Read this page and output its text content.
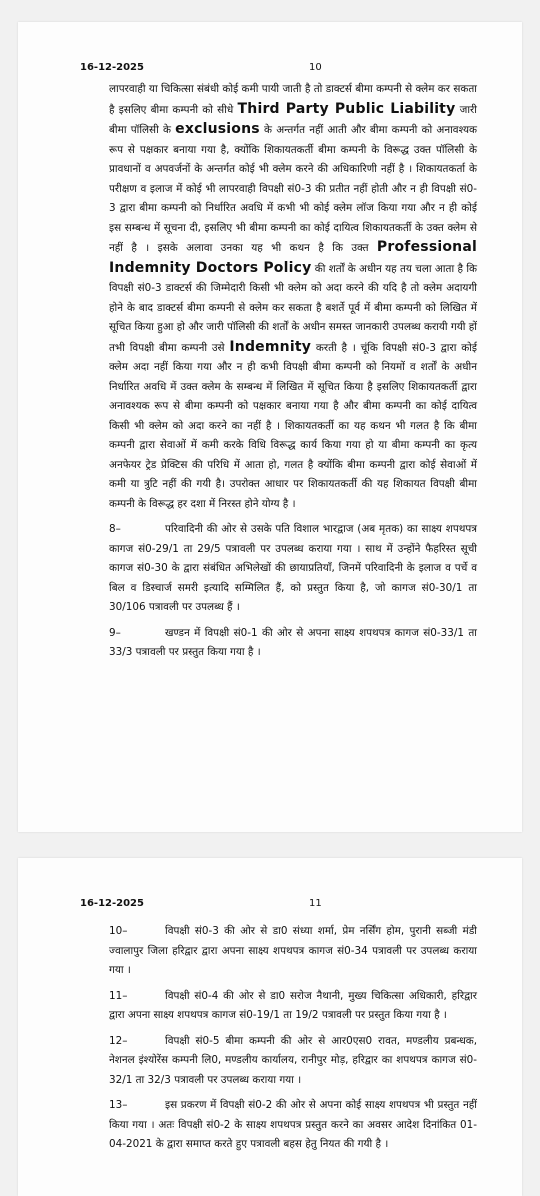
16-12-2025	10

लापरवाही या चिकित्सा संबंधी कोई कमी पायी जाती है तो डाक्टर्स बीमा कम्पनी से क्लेम कर सकता है इसलिए बीमा कम्पनी को सीधे Third Party Public Liability जारी बीमा पॉलिसी के exclusions के अन्तर्गत नहीं आती और बीमा कम्पनी को अनावश्यक रूप से पक्षकार बनाया गया है, क्योंकि शिकायतकर्ती बीमा कम्पनी के विरूद्ध उक्त पॉलिसी के प्रावधानों व अपवर्जनों के अन्तर्गत कोई भी क्लेम करने की अधिकारिणी नहीं है । शिकायतकर्ता के परीक्षण व इलाज में कोई भी लापरवाही विपक्षी सं0-3 की प्रतीत नहीं होती और न ही विपक्षी सं0-3 द्वारा बीमा कम्पनी को निर्धारित अवधि में कभी भी कोई क्लेम लॉज किया गया और न ही कोई इस सम्बन्ध में सूचना दी, इसलिए भी बीमा कम्पनी का कोई दायित्व शिकायतकर्ती के उक्त क्लेम से नहीं है । इसके अलावा उनका यह भी कथन है कि उक्त Professional Indemnity Doctors Policy की शर्तों के अधीन यह तय चला आता है कि विपक्षी सं0-3 डाक्टर्स की जिम्मेदारी किसी भी क्लेम को अदा करने की यदि है तो क्लेम अदायगी होने के बाद डाक्टर्स बीमा कम्पनी से क्लेम कर सकता है बशर्ते पूर्व में बीमा कम्पनी को लिखित में सूचित किया हुआ हो और जारी पॉलिसी की शर्तों के अधीन समस्त जानकारी उपलब्ध करायी गयी हों तभी विपक्षी बीमा कम्पनी उसे Indemnity करती है । चूंकि विपक्षी सं0-3 द्वारा कोई क्लेम अदा नहीं किया गया और न ही कभी विपक्षी बीमा कम्पनी को नियमों व शर्तों के अधीन निर्धारित अवधि में उक्त क्लेम के सम्बन्ध में लिखित में सूचित किया है इसलिए शिकायतकर्ती द्वारा अनावश्यक रूप से बीमा कम्पनी को पक्षकार बनाया गया है और बीमा कम्पनी का कोई दायित्व किसी भी क्लेम को अदा करने का नहीं है । शिकायतकर्ती का यह कथन भी गलत है कि बीमा कम्पनी द्वारा सेवाओं में कमी करके विधि विरूद्ध कार्य किया गया हो या बीमा कम्पनी का कृत्य अनफेयर ट्रेड प्रेक्टिस की परिधि में आता हो, गलत है क्योंकि बीमा कम्पनी द्वारा कोई सेवाओं में कमी या त्रुटि नहीं की गयी है। उपरोक्त आधार पर शिकायतकर्ती की यह शिकायत विपक्षी बीमा कम्पनी के विरूद्ध हर दशा में निरस्त होने योग्य है ।

8–	परिवादिनी की ओर से उसके पति विशाल भारद्वाज (अब मृतक) का साक्ष्य शपथपत्र कागज सं0-29/1 ता 29/5 पत्रावली पर उपलब्ध कराया गया । साथ में उन्होंने फैहरिस्त सूची कागज सं0-30 के द्वारा संबंधित अभिलेखों की छायाप्रतियॉं, जिनमें परिवादिनी के इलाज व पर्चे व बिल व डिस्चार्ज समरी इत्यादि सम्मिलित हैं, को प्रस्तुत किया है, जो कागज सं0-30/1 ता 30/106 पत्रावली पर उपलब्ध हैं ।

9–	खण्डन में विपक्षी सं0-1 की ओर से अपना साक्ष्य शपथपत्र कागज सं0-33/1 ता 33/3 पत्रावली पर प्रस्तुत किया गया है ।

16-12-2025	11

10–	विपक्षी सं0-3 की ओर से डा0 संध्या शर्मा, प्रेम नर्सिंग होम, पुरानी सब्जी मंडी ज्वालापुर जिला हरिद्वार द्वारा अपना साक्ष्य शपथपत्र कागज सं0-34 पत्रावली पर उपलब्ध कराया गया ।

11–	विपक्षी सं0-4 की ओर से डा0 सरोज नैथानी, मुख्य चिकित्सा अधिकारी, हरिद्वार द्वारा अपना साक्ष्य शपथपत्र कागज सं0-19/1 ता 19/2 पत्रावली पर प्रस्तुत किया गया है ।

12–	विपक्षी सं0-5 बीमा कम्पनी की ओर से आर0एस0 रावत, मण्डलीय प्रबन्धक, नेशनल इंश्योरेंस कम्पनी लि0, मण्डलीय कार्यालय, रानीपुर मोड़, हरिद्वार का शपथपत्र कागज सं0-32/1 ता 32/3 पत्रावली पर उपलब्ध कराया गया ।

13–	इस प्रकरण में विपक्षी सं0-2 की ओर से अपना कोई साक्ष्य शपथपत्र भी प्रस्तुत नहीं किया गया । अतः विपक्षी सं0-2 के साक्ष्य शपथपत्र प्रस्तुत करने का अवसर आदेश दिनांकित 01-04-2021 के द्वारा समाप्त करते हुए पत्रावली बहस हेतु नियत की गयी है ।
